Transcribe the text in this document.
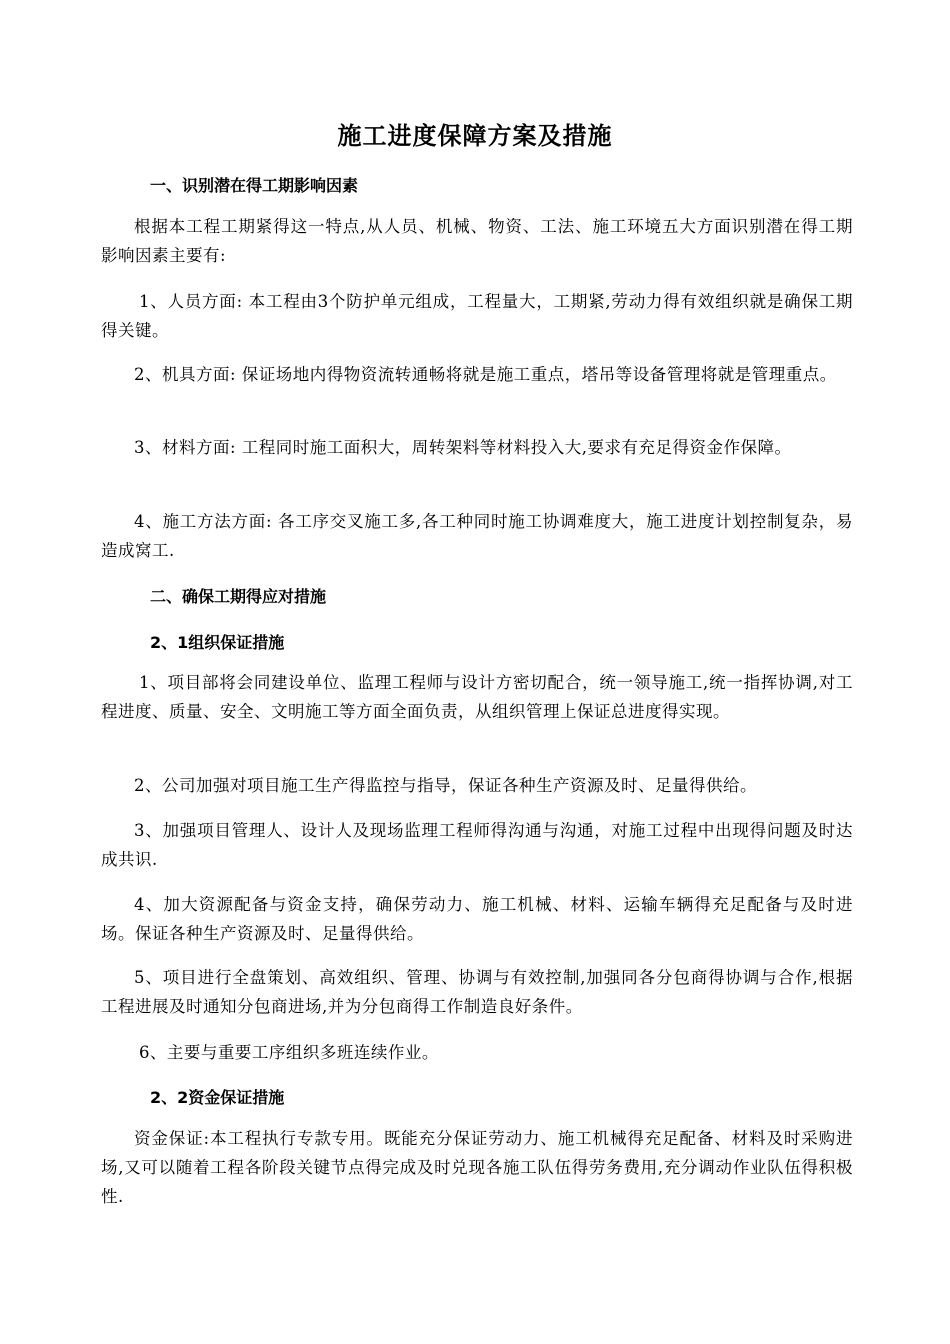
施工进度保障方案及措施
一、识别潜在得工期影响因素
根据本工程工期紧得这一特点,从人员、机械、物资、工法、施工环境五大方面识别潜在得工期影响因素主要有:
1、人员方面: 本工程由3个防护单元组成，工程量大，工期紧,劳动力得有效组织就是确保工期得关键。
2、机具方面: 保证场地内得物资流转通畅将就是施工重点，塔吊等设备管理将就是管理重点。
3、材料方面: 工程同时施工面积大，周转架料等材料投入大,要求有充足得资金作保障。
4、施工方法方面: 各工序交叉施工多,各工种同时施工协调难度大，施工进度计划控制复杂，易造成窝工.
二、确保工期得应对措施
2、1组织保证措施
1、项目部将会同建设单位、监理工程师与设计方密切配合，统一领导施工,统一指挥协调,对工程进度、质量、安全、文明施工等方面全面负责，从组织管理上保证总进度得实现。
2、公司加强对项目施工生产得监控与指导，保证各种生产资源及时、足量得供给。
3、加强项目管理人、设计人及现场监理工程师得沟通与沟通，对施工过程中出现得问题及时达成共识.
4、加大资源配备与资金支持，确保劳动力、施工机械、材料、运输车辆得充足配备与及时进场。保证各种生产资源及时、足量得供给。
5、项目进行全盘策划、高效组织、管理、协调与有效控制,加强同各分包商得协调与合作,根据工程进展及时通知分包商进场,并为分包商得工作制造良好条件。
6、主要与重要工序组织多班连续作业。
2、2资金保证措施
资金保证:本工程执行专款专用。既能充分保证劳动力、施工机械得充足配备、材料及时采购进场,又可以随着工程各阶段关键节点得完成及时兑现各施工队伍得劳务费用,充分调动作业队伍得积极性.
